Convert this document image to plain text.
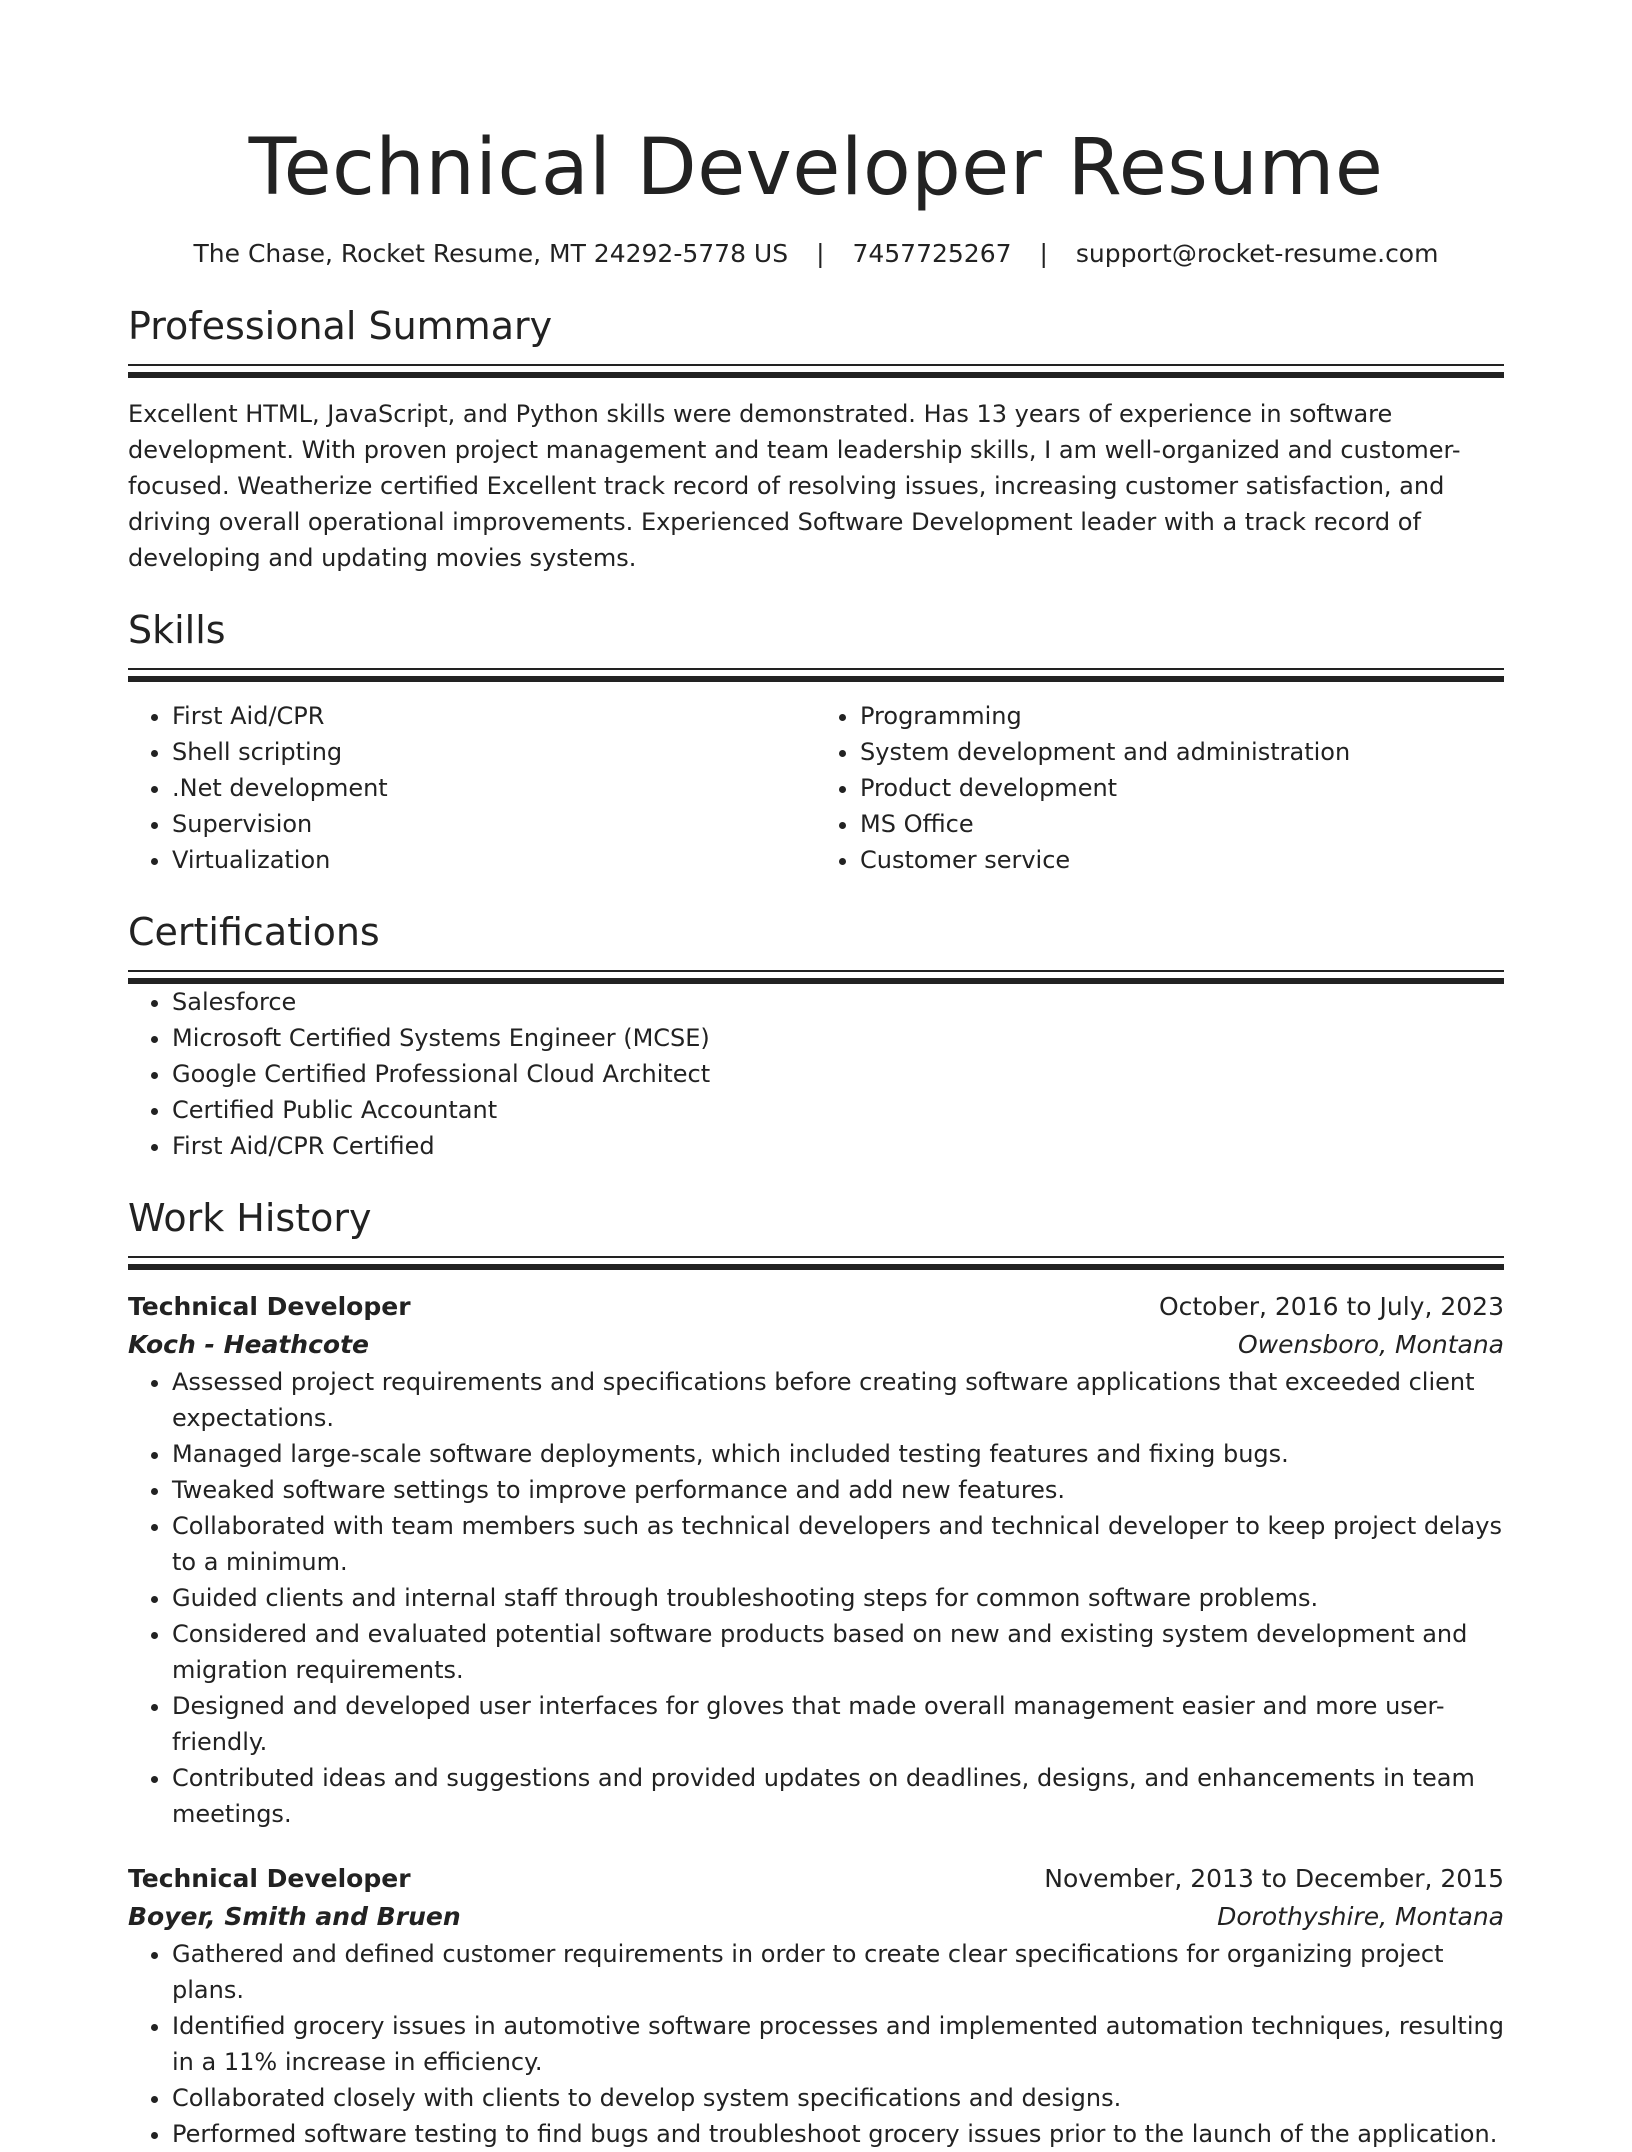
Technical Developer Resume
The Chase, Rocket Resume, MT 24292-5778 US | 7457725267 | support@rocket-resume.com
Professional Summary

Excellent HTML, JavaScript, and Python skills were demonstrated. Has 13 years of experience in software development. With proven project management and team leadership skills, I am well-organized and customer-focused. Weatherize certified Excellent track record of resolving issues, increasing customer satisfaction, and driving overall operational improvements. Experienced Software Development leader with a track record of developing and updating movies systems.

Skills
• First Aid/CPR
• Shell scripting
• .Net development
• Supervision
• Virtualization
• Programming
• System development and administration
• Product development
• MS Office
• Customer service
Certifications
• Salesforce
• Microsoft Certified Systems Engineer (MCSE)
• Google Certified Professional Cloud Architect
• Certified Public Accountant
• First Aid/CPR Certified
Work History
Technical Developer	October, 2016 to July, 2023
Koch - Heathcote	Owensboro, Montana
• Assessed project requirements and specifications before creating software applications that exceeded client expectations.
• Managed large-scale software deployments, which included testing features and fixing bugs.
• Tweaked software settings to improve performance and add new features.
• Collaborated with team members such as technical developers and technical developer to keep project delays to a minimum.
• Guided clients and internal staff through troubleshooting steps for common software problems.
• Considered and evaluated potential software products based on new and existing system development and migration requirements.
• Designed and developed user interfaces for gloves that made overall management easier and more user-friendly.
• Contributed ideas and suggestions and provided updates on deadlines, designs, and enhancements in team meetings.
Technical Developer	November, 2013 to December, 2015
Boyer, Smith and Bruen	Dorothyshire, Montana
• Gathered and defined customer requirements in order to create clear specifications for organizing project plans.
• Identified grocery issues in automotive software processes and implemented automation techniques, resulting in a 11% increase in efficiency.
• Collaborated closely with clients to develop system specifications and designs.
• Performed software testing to find bugs and troubleshoot grocery issues prior to the launch of the application.
